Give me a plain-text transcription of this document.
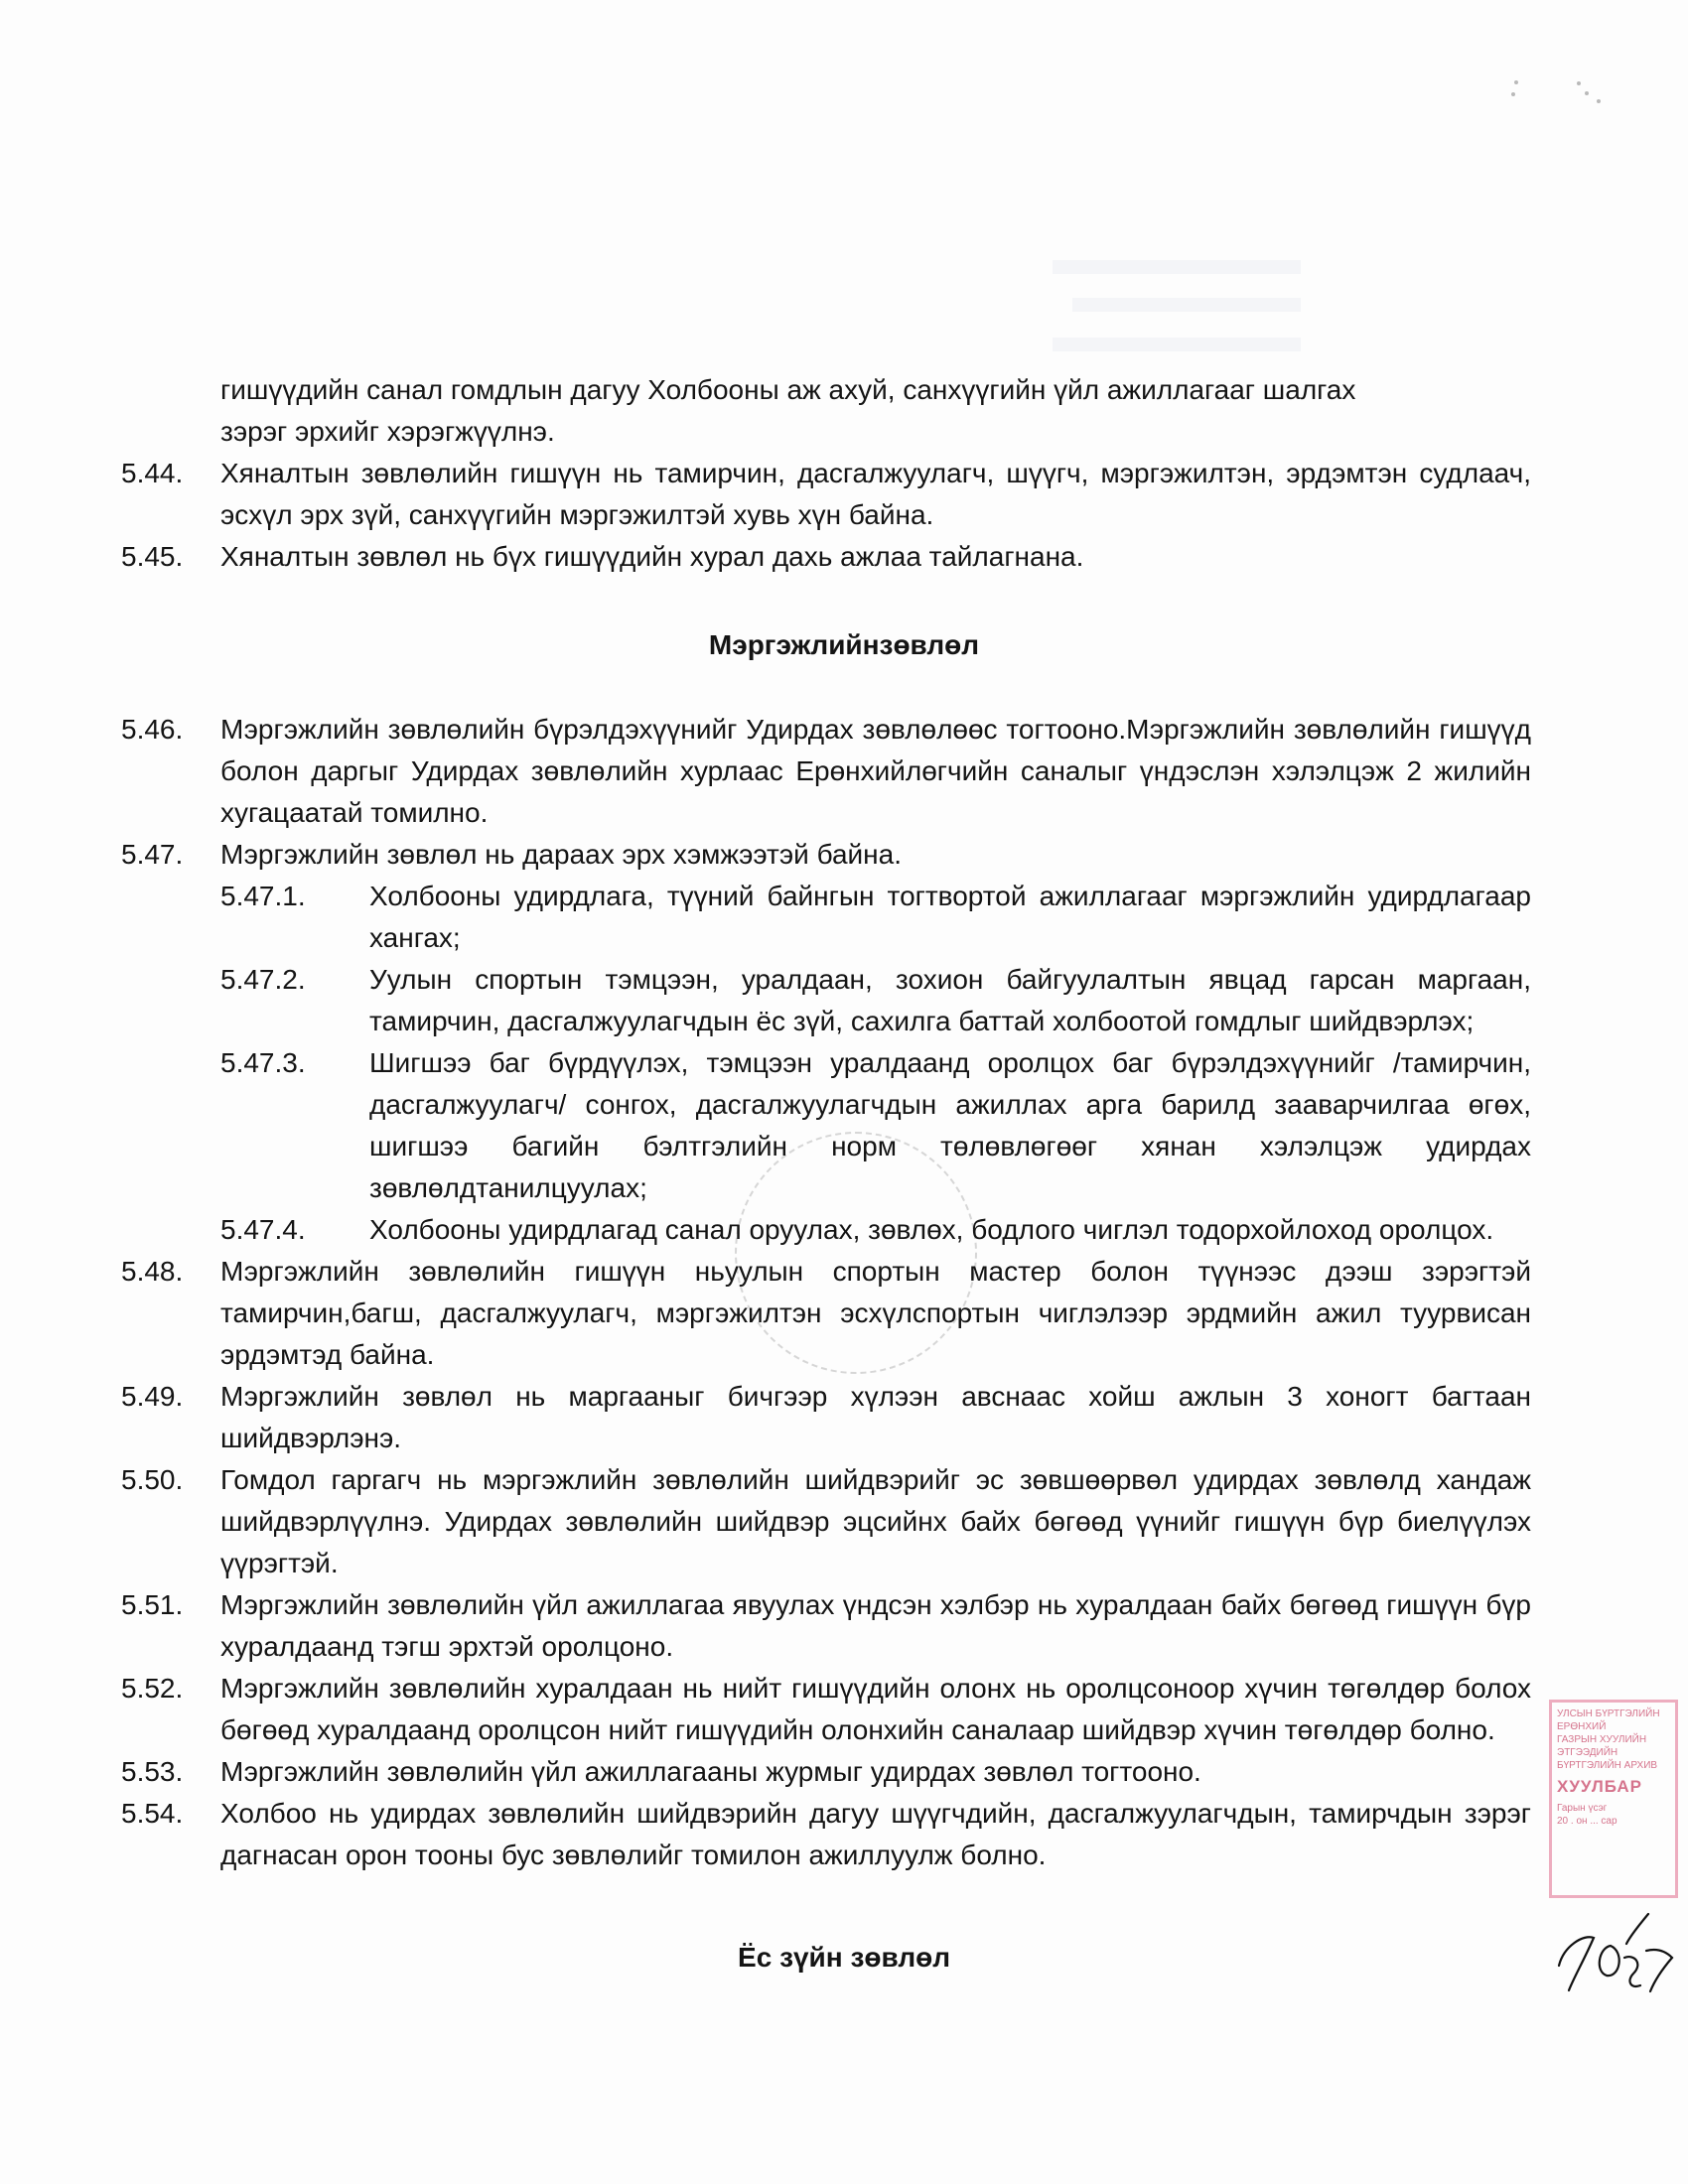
гишүүдийн санал гомдлын дагуу Холбооны аж ахуй, санхүүгийн үйл ажиллагааг шалгах
зэрэг эрхийг хэрэгжүүлнэ.
5.44.	Хяналтын зөвлөлийн гишүүн нь тамирчин, дасгалжуулагч, шүүгч, мэргэжилтэн, эрдэмтэн судлаач, эсхүл эрх зүй, санхүүгийн мэргэжилтэй хувь хүн байна.
5.45.	Хяналтын зөвлөл нь бүх гишүүдийн хурал дахь ажлаа тайлагнана.
Мэргэжлийнзөвлөл
5.46.	Мэргэжлийн зөвлөлийн бүрэлдэхүүнийг Удирдах зөвлөлөөс тогтооно.Мэргэжлийн зөвлөлийн гишүүд болон даргыг Удирдах зөвлөлийн хурлаас Ерөнхийлөгчийн саналыг үндэслэн хэлэлцэж 2 жилийн хугацаатай томилно.
5.47.	Мэргэжлийн зөвлөл нь дараах эрх хэмжээтэй байна.
5.47.1.	Холбооны удирдлага, түүний байнгын тогтвортой ажиллагааг мэргэжлийн удирдлагаар хангах;
5.47.2.	Уулын спортын тэмцээн, уралдаан, зохион байгуулалтын явцад гарсан маргаан, тамирчин, дасгалжуулагчдын ёс зүй, сахилга баттай холбоотой гомдлыг шийдвэрлэх;
5.47.3.	Шигшээ баг бүрдүүлэх, тэмцээн уралдаанд оролцох баг бүрэлдэхүүнийг /тамирчин, дасгалжуулагч/ сонгох, дасгалжуулагчдын ажиллах арга барилд зааварчилгаа өгөх, шигшээ багийн бэлтгэлийн норм төлөвлөгөөг хянан хэлэлцэж удирдах зөвлөлдтанилцуулах;
5.47.4.	Холбооны удирдлагад санал оруулах, зөвлөх, бодлого чиглэл тодорхойлоход оролцох.
5.48.	Мэргэжлийн зөвлөлийн гишүүн ньуулын спортын мастер болон түүнээс дээш зэрэгтэй тамирчин,багш, дасгалжуулагч, мэргэжилтэн эсхүлспортын чиглэлээр эрдмийн ажил туурвисан эрдэмтэд байна.
5.49.	Мэргэжлийн зөвлөл нь маргааныг бичгээр хүлээн авснаас хойш ажлын 3 хоногт багтаан шийдвэрлэнэ.
5.50.	Гомдол гаргагч нь мэргэжлийн зөвлөлийн шийдвэрийг эс зөвшөөрвөл удирдах зөвлөлд хандаж шийдвэрлүүлнэ. Удирдах зөвлөлийн шийдвэр эцсийнх байх бөгөөд үүнийг гишүүн бүр биелүүлэх үүрэгтэй.
5.51.	Мэргэжлийн зөвлөлийн үйл ажиллагаа явуулах үндсэн хэлбэр нь хуралдаан байх бөгөөд гишүүн бүр хуралдаанд тэгш эрхтэй оролцоно.
5.52.	Мэргэжлийн зөвлөлийн хуралдаан нь нийт гишүүдийн олонх нь оролцсоноор хүчин төгөлдөр болох бөгөөд хуралдаанд оролцсон нийт гишүүдийн олонхийн саналаар шийдвэр хүчин төгөлдөр болно.
5.53.	Мэргэжлийн зөвлөлийн үйл ажиллагааны журмыг удирдах зөвлөл тогтооно.
5.54.	Холбоо нь удирдах зөвлөлийн шийдвэрийн дагуу шүүгчдийн, дасгалжуулагчдын, тамирчдын зэрэг дагнасан орон тооны бус зөвлөлийг томилон ажиллуулж болно.
Ёс зүйн зөвлөл
УЛСЫН БҮРТГЭЛИЙН ЕРӨНХИЙ
ГАЗРЫН ХУУЛИЙН ЭТГЭЭДИЙН
БҮРТГЭЛИЙН АРХИВ
ХУУЛБАР
Гарын үсэг
20 . он ... сар
